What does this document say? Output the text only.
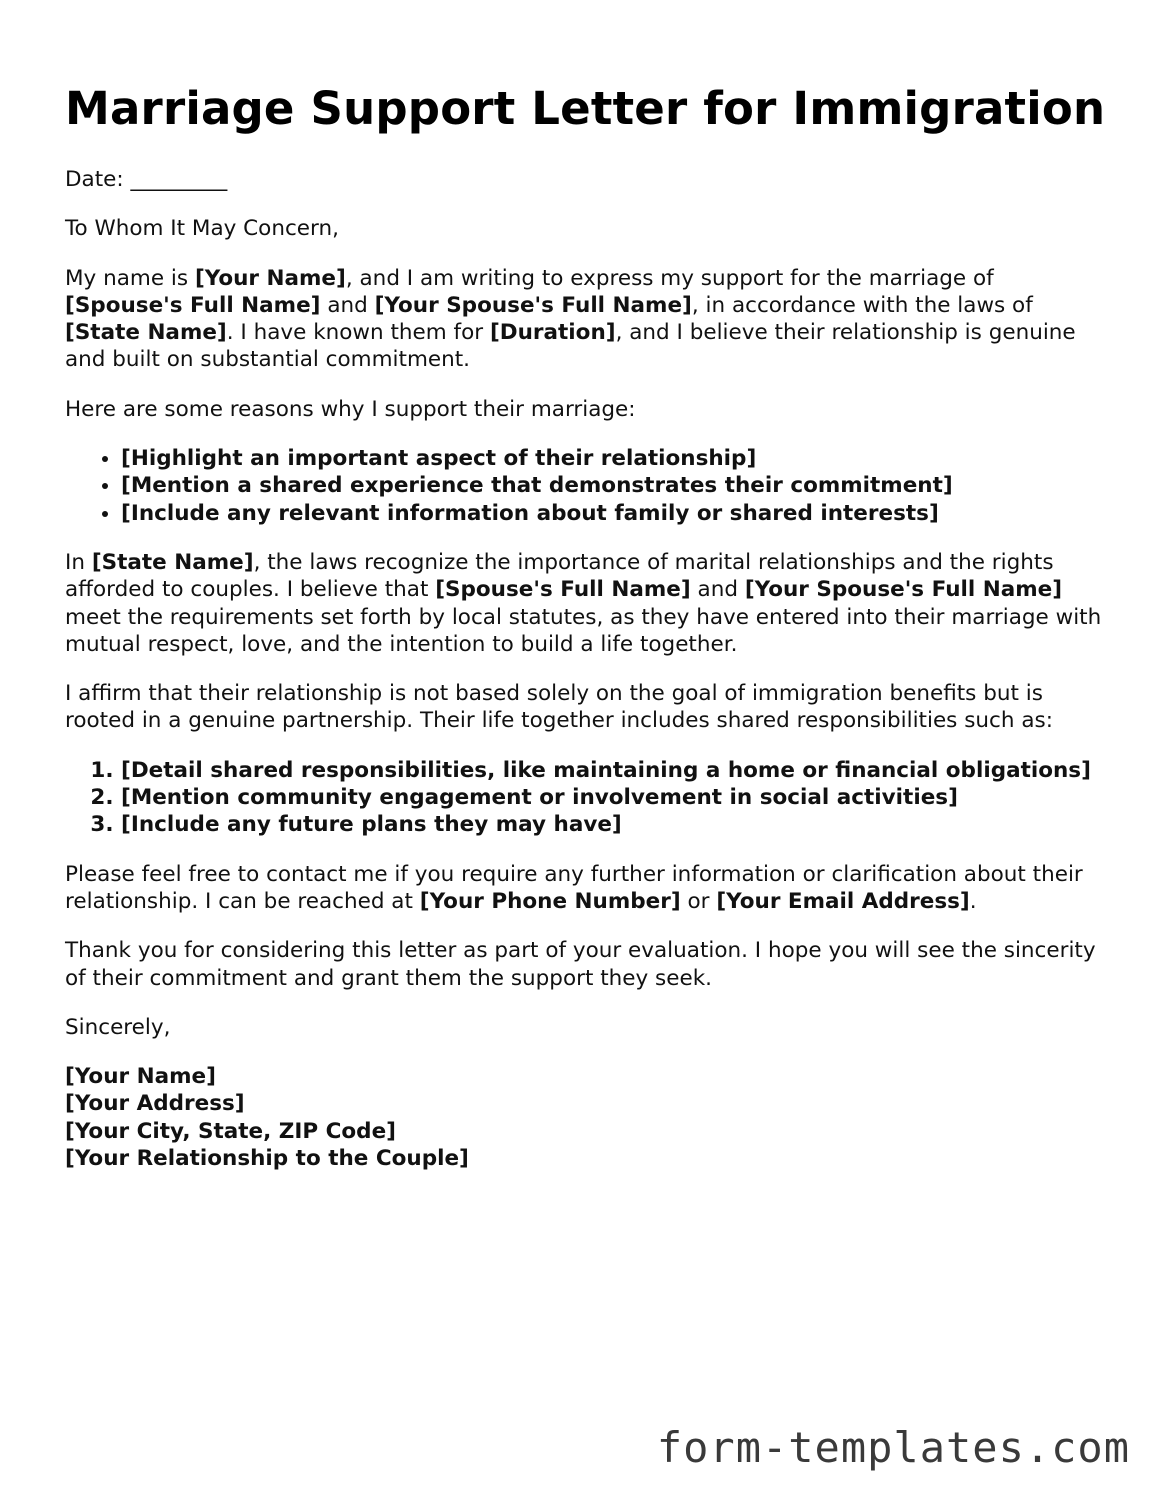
Marriage Support Letter for Immigration

Date: _________

To Whom It May Concern,

My name is [Your Name], and I am writing to express my support for the marriage of [Spouse's Full Name] and [Your Spouse's Full Name], in accordance with the laws of [State Name]. I have known them for [Duration], and I believe their relationship is genuine and built on substantial commitment.

Here are some reasons why I support their marriage:

• [Highlight an important aspect of their relationship]
• [Mention a shared experience that demonstrates their commitment]
• [Include any relevant information about family or shared interests]

In [State Name], the laws recognize the importance of marital relationships and the rights afforded to couples. I believe that [Spouse's Full Name] and [Your Spouse's Full Name] meet the requirements set forth by local statutes, as they have entered into their marriage with mutual respect, love, and the intention to build a life together.

I affirm that their relationship is not based solely on the goal of immigration benefits but is rooted in a genuine partnership. Their life together includes shared responsibilities such as:

1. [Detail shared responsibilities, like maintaining a home or financial obligations]
2. [Mention community engagement or involvement in social activities]
3. [Include any future plans they may have]

Please feel free to contact me if you require any further information or clarification about their relationship. I can be reached at [Your Phone Number] or [Your Email Address].

Thank you for considering this letter as part of your evaluation. I hope you will see the sincerity of their commitment and grant them the support they seek.

Sincerely,

[Your Name]
[Your Address]
[Your City, State, ZIP Code]
[Your Relationship to the Couple]
form-templates.com
